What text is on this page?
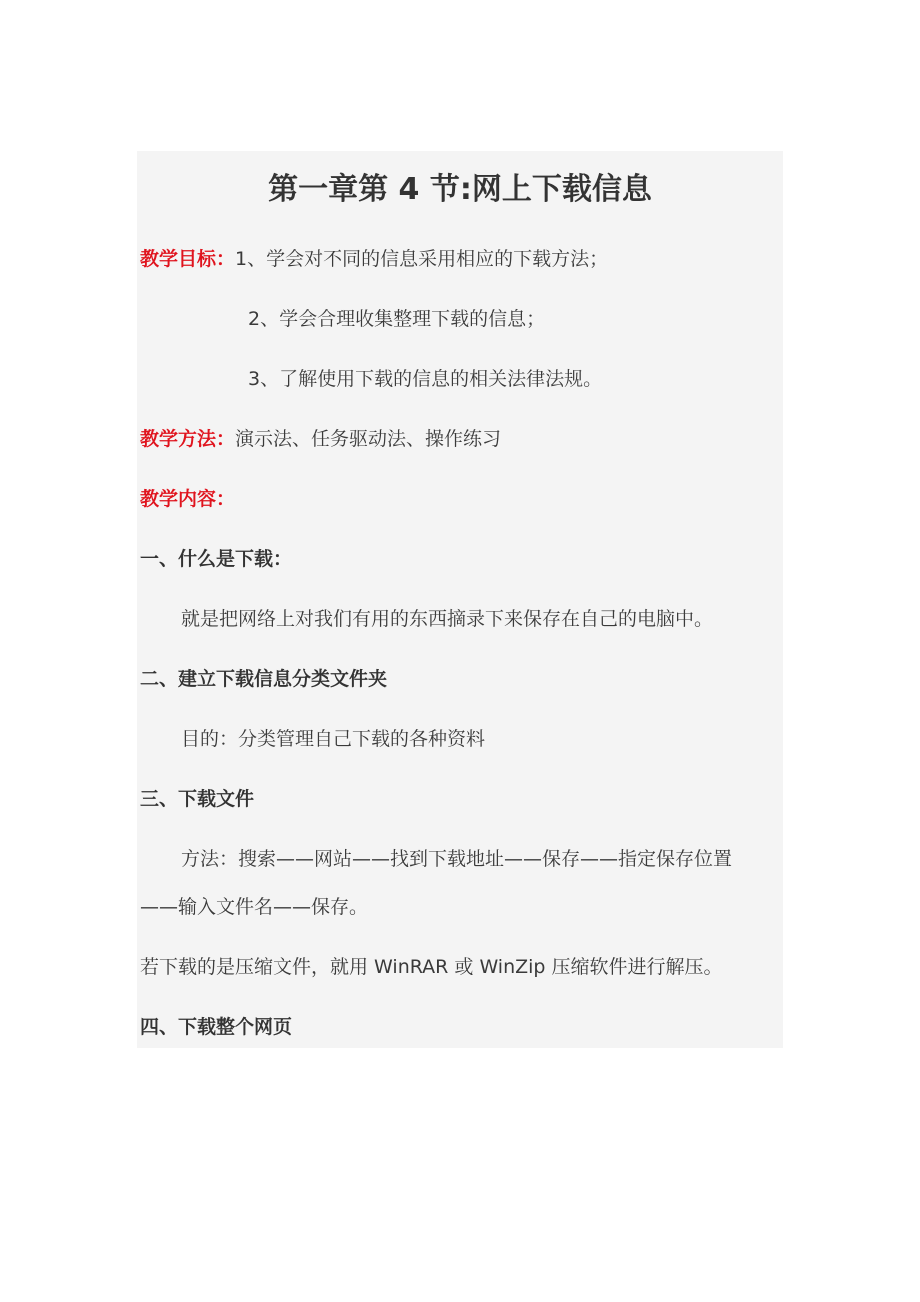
第一章第 4 节:网上下载信息
教学目标：1、学会对不同的信息采用相应的下载方法；
2、学会合理收集整理下载的信息；
3、了解使用下载的信息的相关法律法规。
教学方法：演示法、任务驱动法、操作练习
教学内容：
一、什么是下载：
就是把网络上对我们有用的东西摘录下来保存在自己的电脑中。
二、建立下载信息分类文件夹
目的：分类管理自己下载的各种资料
三、下载文件
方法：搜索——网站——找到下载地址——保存——指定保存位置
——输入文件名——保存。
若下载的是压缩文件，就用 WinRAR 或 WinZip 压缩软件进行解压。
四、下载整个网页
